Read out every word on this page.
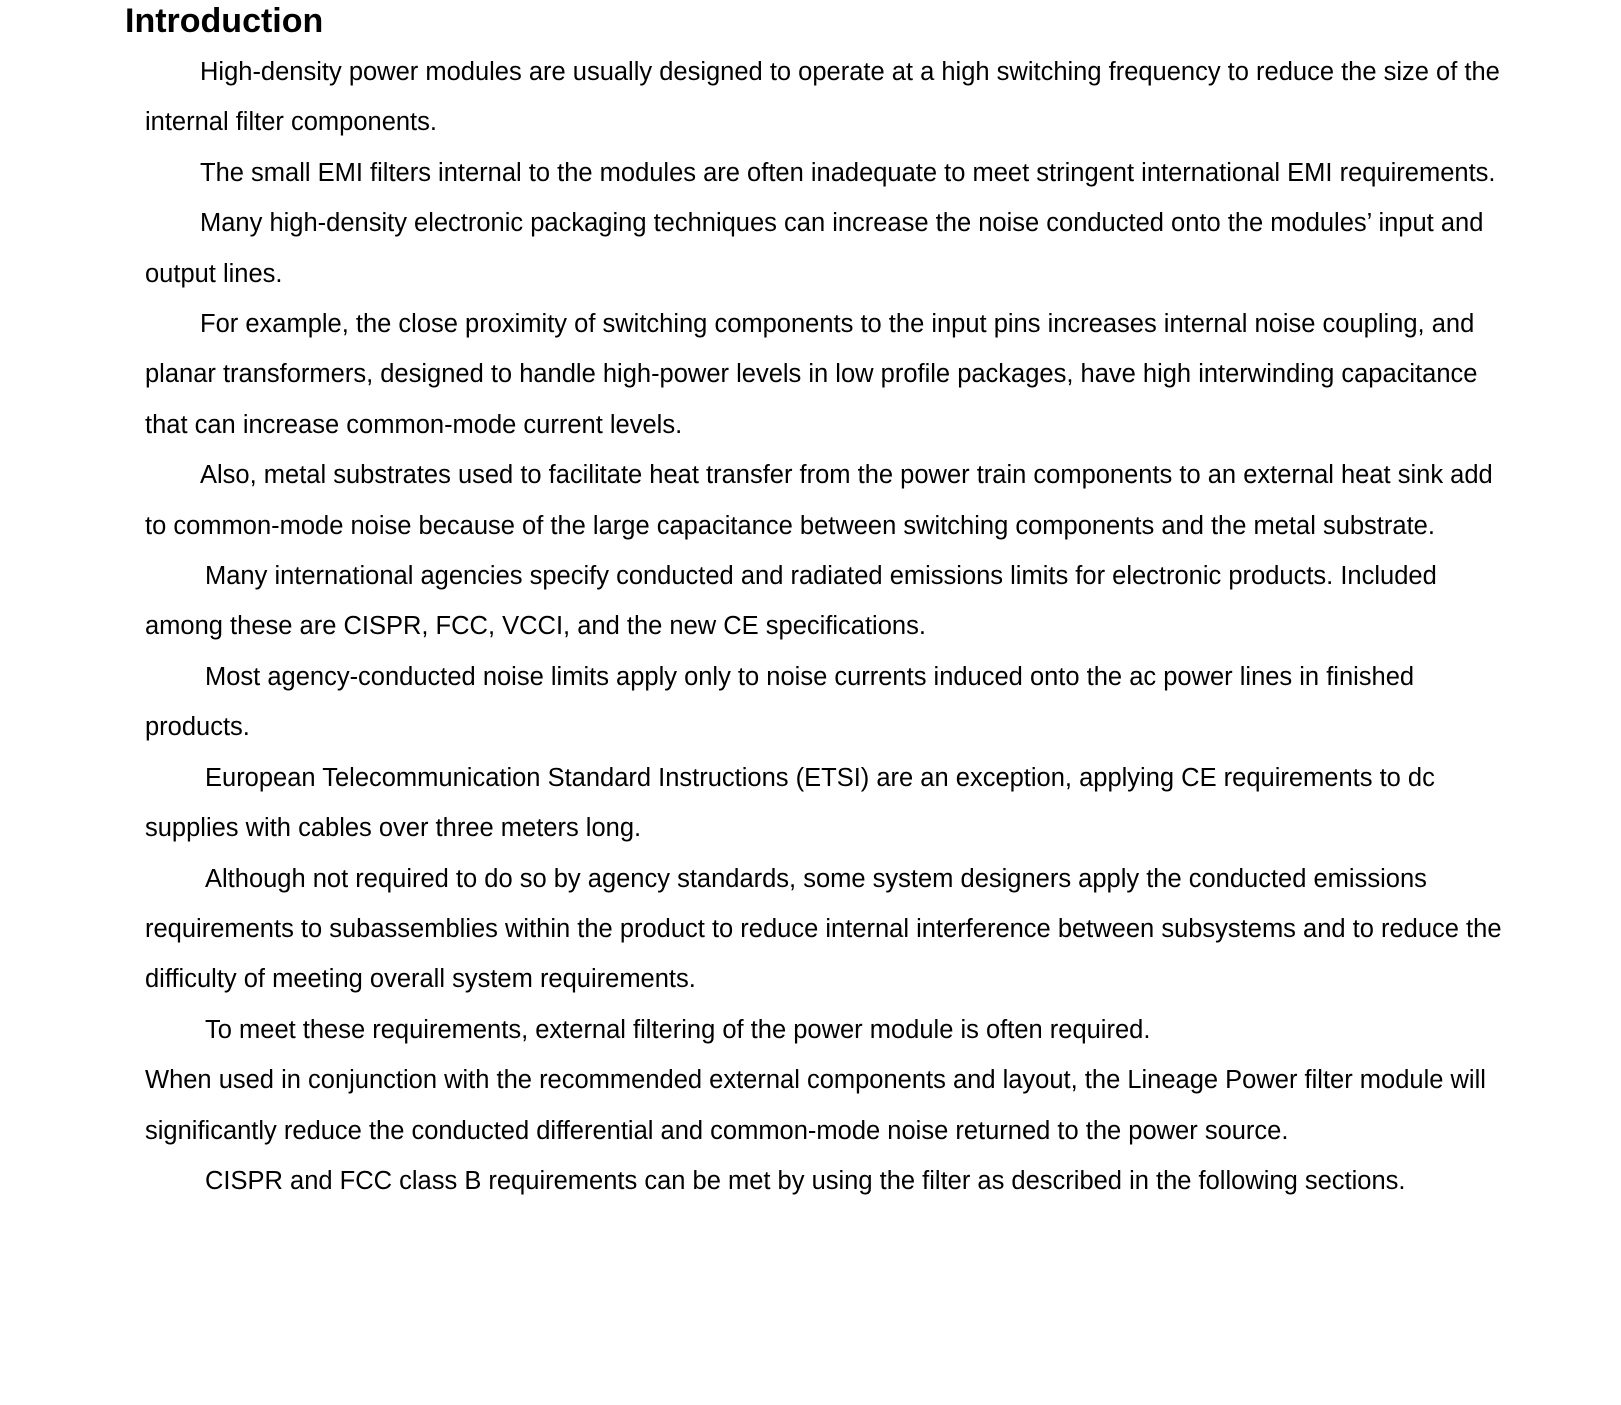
Introduction

High-density power modules are usually designed to operate at a high switching frequency to reduce the size of the internal filter components.

The small EMI filters internal to the modules are often inadequate to meet stringent international EMI requirements.

Many high-density electronic packaging techniques can increase the noise conducted onto the modules’ input and output lines.

For example, the close proximity of switching components to the input pins increases internal noise coupling, and planar transformers, designed to handle high-power levels in low profile packages, have high interwinding capacitance that can increase common-mode current levels.

Also, metal substrates used to facilitate heat transfer from the power train components to an external heat sink add to common-mode noise because of the large capacitance between switching components and the metal substrate.

Many international agencies specify conducted and radiated emissions limits for electronic products. Included among these are CISPR, FCC, VCCI, and the new CE specifications.

Most agency-conducted noise limits apply only to noise currents induced onto the ac power lines in finished products.

European Telecommunication Standard Instructions (ETSI) are an exception, applying CE requirements to dc supplies with cables over three meters long.

Although not required to do so by agency standards, some system designers apply the conducted emissions requirements to subassemblies within the product to reduce internal interference between subsystems and to reduce the difficulty of meeting overall system requirements.

To meet these requirements, external filtering of the power module is often required.

When used in conjunction with the recommended external components and layout, the Lineage Power filter module will significantly reduce the conducted differential and common-mode noise returned to the power source.

CISPR and FCC class B requirements can be met by using the filter as described in the following sections.
